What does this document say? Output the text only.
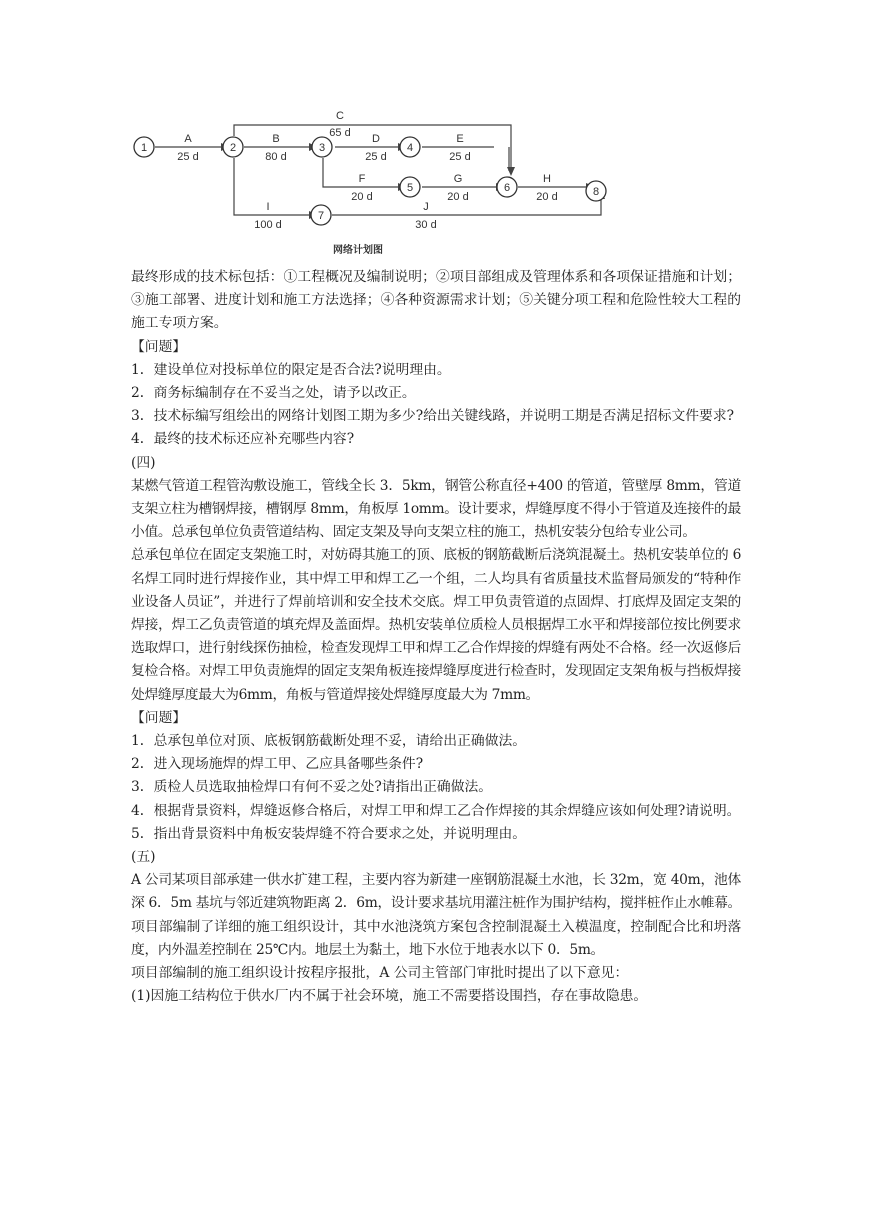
1	2	3	4
5	6
7
8
A
25 d
B
80 d
C
65 d D
25 d
E
25 d
F
20 d
G
20 d
H
20 d
I
100 d
J
30 d
网络计划图

最终形成的技术标包括：①工程概况及编制说明；②项目部组成及管理体系和各项保证措施和计划；③施工部署、进度计划和施工方法选择；④各种资源需求计划；⑤关键分项工程和危险性较大工程的施工专项方案。

【问题】

1．建设单位对投标单位的限定是否合法?说明理由。

2．商务标编制存在不妥当之处，请予以改正。

3．技术标编写组绘出的网络计划图工期为多少?给出关键线路，并说明工期是否满足招标文件要求?

4．最终的技术标还应补充哪些内容?

(四)

某燃气管道工程管沟敷设施工，管线全长 3．5km，钢管公称直径+400 的管道，管壁厚 8mm，管道支架立柱为槽钢焊接，槽钢厚 8mm，角板厚 1omm。设计要求，焊缝厚度不得小于管道及连接件的最小值。总承包单位负责管道结构、固定支架及导向支架立柱的施工，热机安装分包给专业公司。

总承包单位在固定支架施工时，对妨碍其施工的顶、底板的钢筋截断后浇筑混凝土。热机安装单位的 6 名焊工同时进行焊接作业，其中焊工甲和焊工乙一个组，二人均具有省质量技术监督局颁发的“特种作业设备人员证”，并进行了焊前培训和安全技术交底。焊工甲负责管道的点固焊、打底焊及固定支架的焊接，焊工乙负责管道的填充焊及盖面焊。热机安装单位质检人员根据焊工水平和焊接部位按比例要求选取焊口，进行射线探伤抽检，检查发现焊工甲和焊工乙合作焊接的焊缝有两处不合格。经一次返修后复检合格。对焊工甲负责施焊的固定支架角板连接焊缝厚度进行检查时，发现固定支架角板与挡板焊接处焊缝厚度最大为6mm，角板与管道焊接处焊缝厚度最大为 7mm。

【问题】

1．总承包单位对顶、底板钢筋截断处理不妥，请给出正确做法。

2．进入现场施焊的焊工甲、乙应具备哪些条件?

3．质检人员选取抽检焊口有何不妥之处?请指出正确做法。

4．根据背景资料，焊缝返修合格后，对焊工甲和焊工乙合作焊接的其余焊缝应该如何处理?请说明。

5．指出背景资料中角板安装焊缝不符合要求之处，并说明理由。

(五)

A 公司某项目部承建一供水扩建工程，主要内容为新建一座钢筋混凝土水池，长 32m，宽 40m，池体深 6．5m 基坑与邻近建筑物距离 2．6m，设计要求基坑用灌注桩作为围护结构，搅拌桩作止水帷幕。项目部编制了详细的施工组织设计，其中水池浇筑方案包含控制混凝土入模温度，控制配合比和坍落度，内外温差控制在 25℃内。地层土为黏土，地下水位于地表水以下 0．5m。

项目部编制的施工组织设计按程序报批，A 公司主管部门审批时提出了以下意见：

(1)因施工结构位于供水厂内不属于社会环境，施工不需要搭设围挡，存在事故隐患。
